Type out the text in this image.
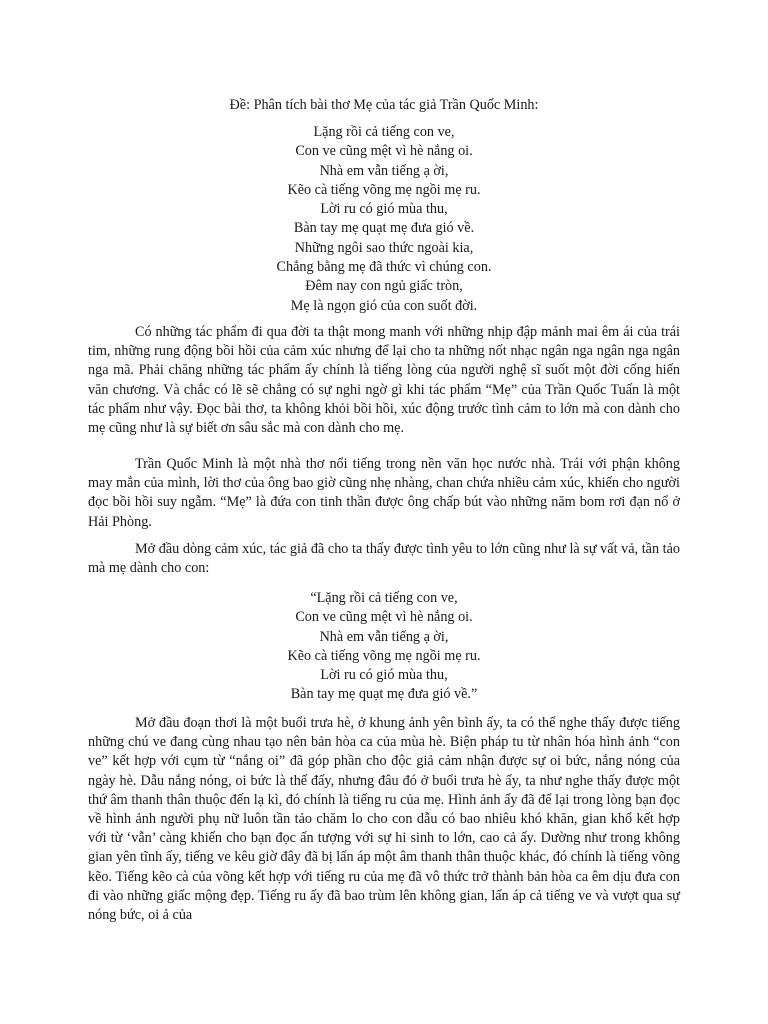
Đề: Phân tích bài thơ Mẹ của tác giả Trần Quốc Minh:
Lặng rồi cả tiếng con ve,
Con ve cũng mệt vì hè nắng oi.
Nhà em vẫn tiếng ạ ời,
Kẽo cà tiếng võng mẹ ngồi mẹ ru.
Lời ru có gió mùa thu,
Bàn tay mẹ quạt mẹ đưa gió về.
Những ngôi sao thức ngoài kia,
Chẳng bằng mẹ đã thức vì chúng con.
Đêm nay con ngủ giấc tròn,
Mẹ là ngọn gió của con suốt đời.

Có những tác phẩm đi qua đời ta thật mong manh với những nhịp đập mảnh mai êm ái của trái tim, những rung động bồi hồi của cảm xúc nhưng để lại cho ta những nốt nhạc ngân nga ngân nga ngân nga mã. Phải chăng những tác phẩm ấy chính là tiếng lòng của người nghệ sĩ suốt một đời cống hiến văn chương. Và chắc có lẽ sẽ chẳng có sự nghi ngờ gì khi tác phẩm “Mẹ” của Trần Quốc Tuấn là một tác phẩm như vậy. Đọc bài thơ, ta không khỏi bồi hồi, xúc động trước tình cảm to lớn mà con dành cho mẹ cũng như là sự biết ơn sâu sắc mà con dành cho mẹ.

Trần Quốc Minh là một nhà thơ nổi tiếng trong nền văn học nước nhà. Trái với phận không may mắn của mình, lời thơ của ông bao giờ cũng nhẹ nhàng, chan chứa nhiều cảm xúc, khiến cho người đọc bồi hồi suy ngẫm. “Mẹ” là đứa con tinh thần được ông chấp bút vào những năm bom rơi đạn nổ ở Hải Phòng.

Mở đầu dòng cảm xúc, tác giả đã cho ta thấy được tình yêu to lớn cũng như là sự vất vả, tần tảo mà mẹ dành cho con:

“Lặng rồi cả tiếng con ve,
Con ve cũng mệt vì hè nắng oi.
Nhà em vẫn tiếng ạ ời,
Kẽo cà tiếng võng mẹ ngồi mẹ ru.
Lời ru có gió mùa thu,
Bàn tay mẹ quạt mẹ đưa gió về.”

Mở đầu đoạn thơi là một buổi trưa hè, ở khung ảnh yên bình ấy, ta có thể nghe thấy được tiếng những chú ve đang cùng nhau tạo nên bản hòa ca của mùa hè. Biện pháp tu từ nhân hóa hình ảnh “con ve” kết hợp với cụm từ “nắng oi” đã góp phần cho độc giả cảm nhận được sự oi bức, nắng nóng của ngày hè. Dẫu nắng nóng, oi bức là thế đấy, nhưng đâu đó ở buổi trưa hè ấy, ta như nghe thấy được một thứ âm thanh thân thuộc đến lạ kì, đó chính là tiếng ru của mẹ. Hình ảnh ấy đã để lại trong lòng bạn đọc về hình ảnh người phụ nữ luôn tần tảo chăm lo cho con dẫu có bao nhiêu khó khăn, gian khổ kết hợp với từ ‘vẫn’ càng khiến cho bạn đọc ấn tượng với sự hi sinh to lớn, cao cả ấy. Dường như trong không gian yên tĩnh ấy, tiếng ve kêu giờ đây đã bị lấn áp một âm thanh thân thuộc khác, đó chính là tiếng võng kẽo. Tiếng kẽo cà của võng kết hợp với tiếng ru của mẹ đã vô thức trở thành bản hòa ca êm dịu đưa con đi vào những giấc mộng đẹp. Tiếng ru ấy đã bao trùm lên không gian, lấn áp cả tiếng ve và vượt qua sự nóng bức, oi ả của
